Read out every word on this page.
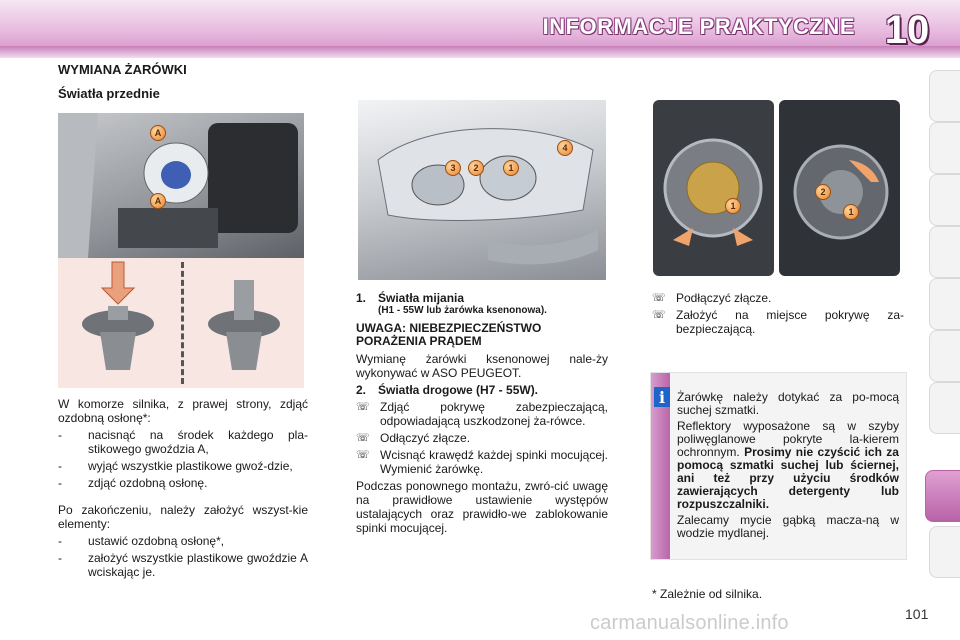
INFORMACJE PRAKTYCZNE 10
WYMIANA ŻARÓWKI
Światła przednie
A
A

W komorze silnika, z prawej strony, zdjąć ozdobną osłonę*:

-	nacisnąć na środek każdego pla-stikowego gwoździa A,
-	wyjąć wszystkie plastikowe gwoź-dzie,
-	zdjąć ozdobną osłonę.

Po zakończeniu, należy założyć wszyst-kie elementy:

-	ustawić ozdobną osłonę*,
-	założyć wszystkie plastikowe gwoździe A wciskając je.
3	2	1
4
1. Światła mijania
(H1 - 55W lub żarówka ksenonowa).
UWAGA: NIEBEZPIECZEŃSTWO PORAŻENIA PRĄDEM

Wymianę żarówki ksenonowej nale-ży wykonywać w ASO PEUGEOT.

2. Światła drogowe (H7 - 55W).
☏ Zdjąć pokrywę zabezpieczającą, odpowiadającą uszkodzonej ża-rówce.
☏ Odłączyć złącze.
☏ Wcisnąć krawędź każdej spinki mocującej. Wymienić żarówkę.

Podczas ponownego montażu, zwró-cić uwagę na prawidłowe ustawienie występów ustalających oraz prawidło-we zablokowanie spinki mocującej.

1
2
1
☏ Podłączyć złącze.
☏ Założyć na miejsce pokrywę za-bezpieczającą.
i Żarówkę należy dotykać za po-mocą suchej szmatki.

Reflektory wyposażone są w szyby poliwęglanowe pokryte la-kierem ochronnym. Prosimy nie czyścić ich za pomocą szmatki suchej lub ściernej, ani też przy użyciu środków zawierających detergenty lub rozpuszczalniki.

Zalecamy mycie gąbką macza-ną w wodzie mydlanej.

* Zależnie od silnika.
carmanualsonline.info	101
